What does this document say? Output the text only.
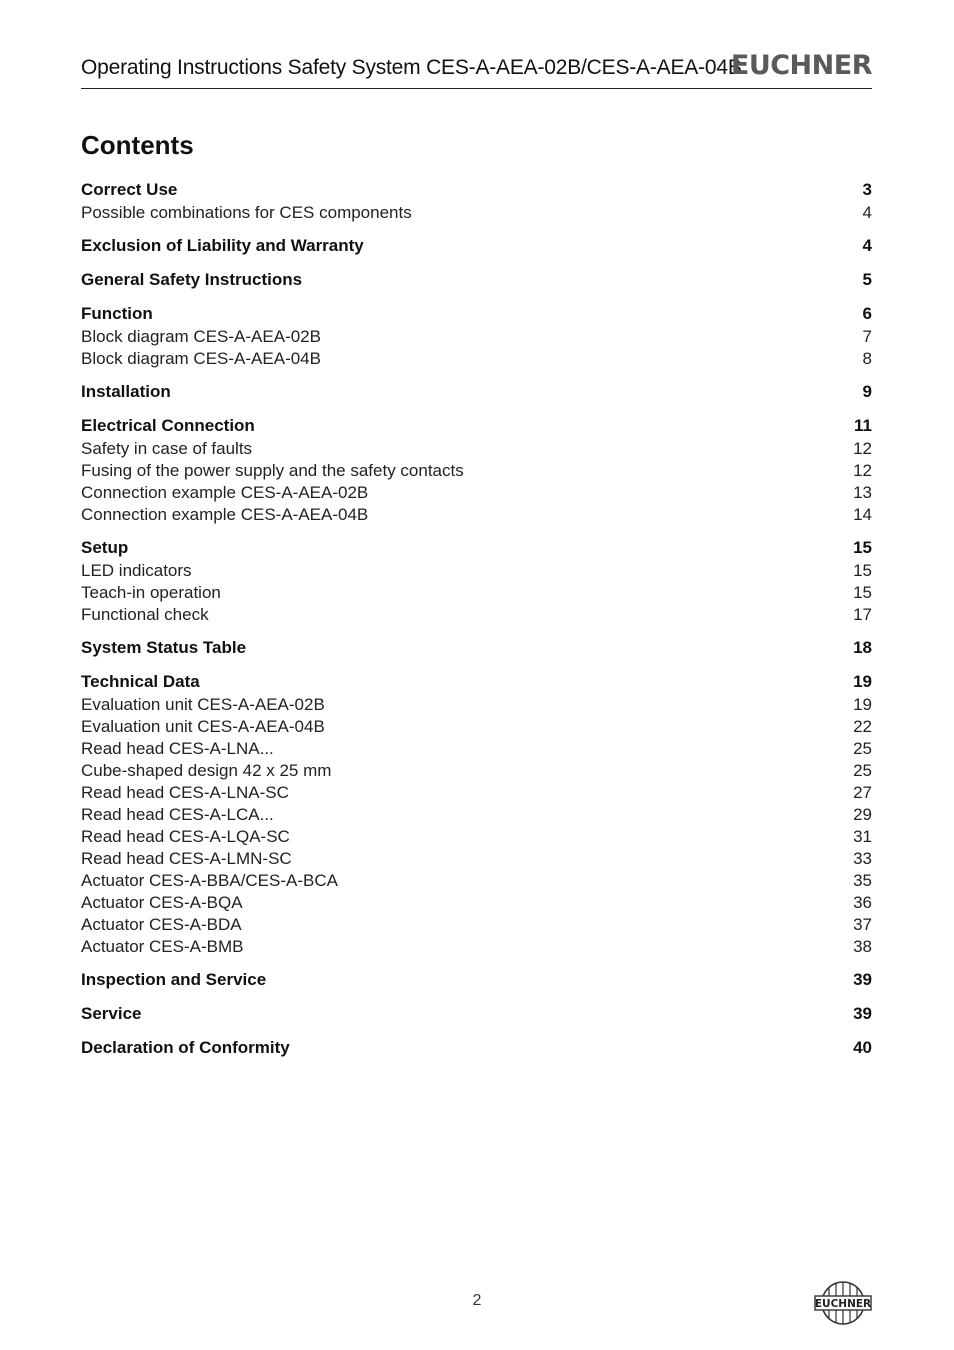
Operating Instructions Safety System CES-A-AEA-02B/CES-A-AEA-04B
EUCHNER
Contents
Correct Use	3
Possible combinations for CES components	4
Exclusion of Liability and Warranty	4
General Safety Instructions	5
Function	6
Block diagram CES-A-AEA-02B	7
Block diagram CES-A-AEA-04B	8
Installation	9
Electrical Connection	11
Safety in case of faults	12
Fusing of the power supply and the safety contacts	12
Connection example CES-A-AEA-02B	13
Connection example CES-A-AEA-04B	14
Setup	15
LED indicators	15
Teach-in operation	15
Functional check	17
System Status Table	18
Technical Data	19
Evaluation unit CES-A-AEA-02B	19
Evaluation unit CES-A-AEA-04B	22
Read head CES-A-LNA...	25
Cube-shaped design 42 x 25 mm	25
Read head CES-A-LNA-SC	27
Read head CES-A-LCA...	29
Read head CES-A-LQA-SC	31
Read head CES-A-LMN-SC	33
Actuator CES-A-BBA/CES-A-BCA	35
Actuator CES-A-BQA	36
Actuator CES-A-BDA	37
Actuator CES-A-BMB	38
Inspection and Service	39
Service	39
Declaration of Conformity	40
2	EUCHNER
